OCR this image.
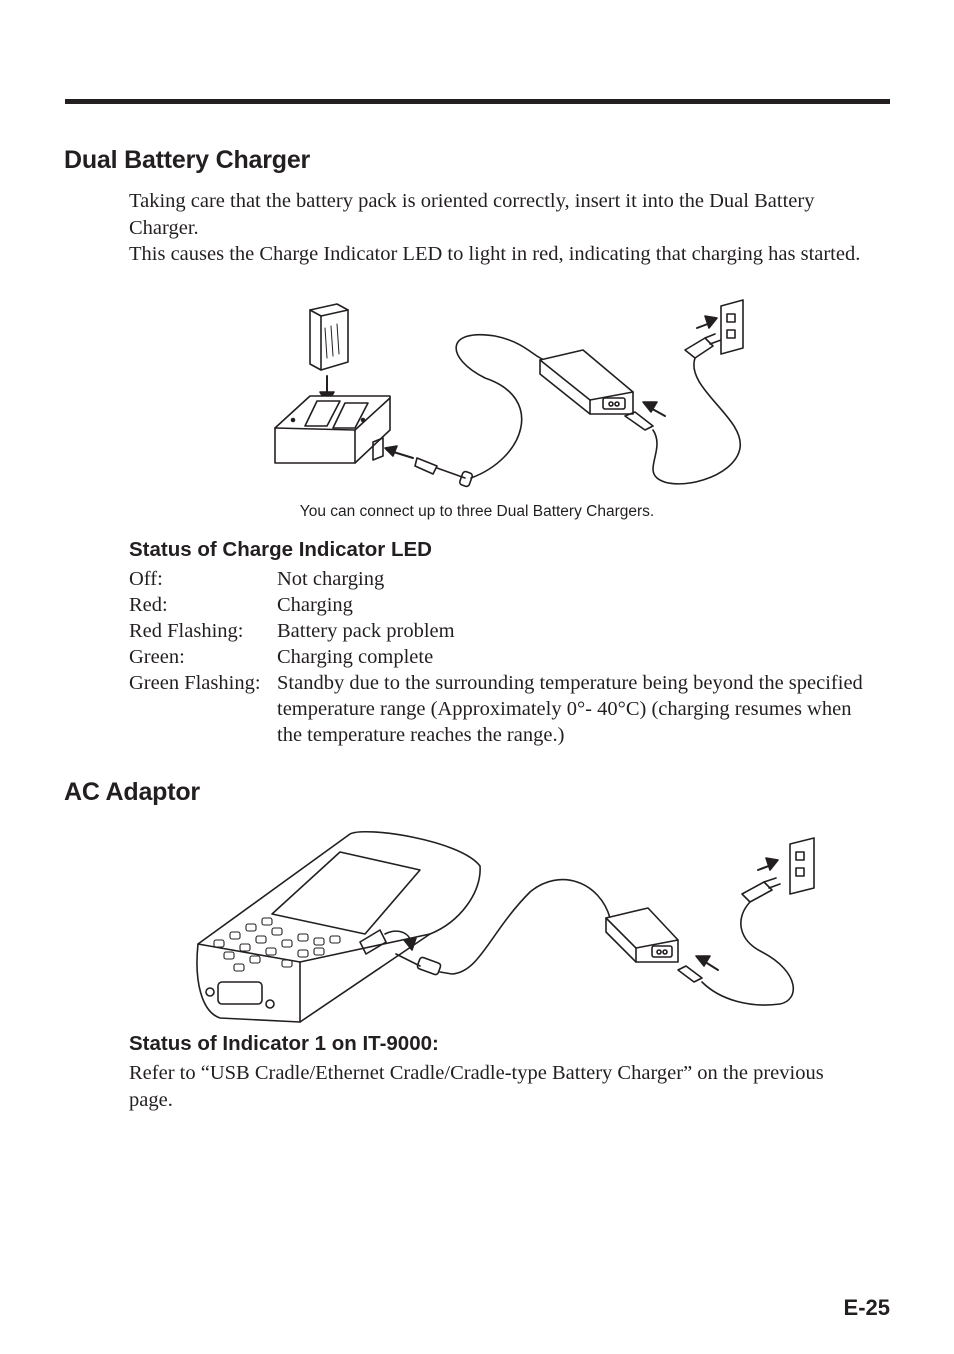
Dual Battery Charger

Taking care that the battery pack is oriented correctly, insert it into the Dual Battery Charger.

This causes the Charge Indicator LED to light in red, indicating that charging has started.

You can connect up to three Dual Battery Chargers.
Status of Charge Indicator LED
Off:	Not charging
Red:	Charging
Red Flashing:	Battery pack problem
Green:	Charging complete
Green Flashing:	Standby due to the surrounding temperature being beyond the specified temperature range (Approximately 0°- 40°C) (charging resumes when the temperature reaches the range.)
AC Adaptor
Status of Indicator 1 on IT-9000:
Refer to “USB Cradle/Ethernet Cradle/Cradle-type Battery Charger” on the previous page.
E-25
